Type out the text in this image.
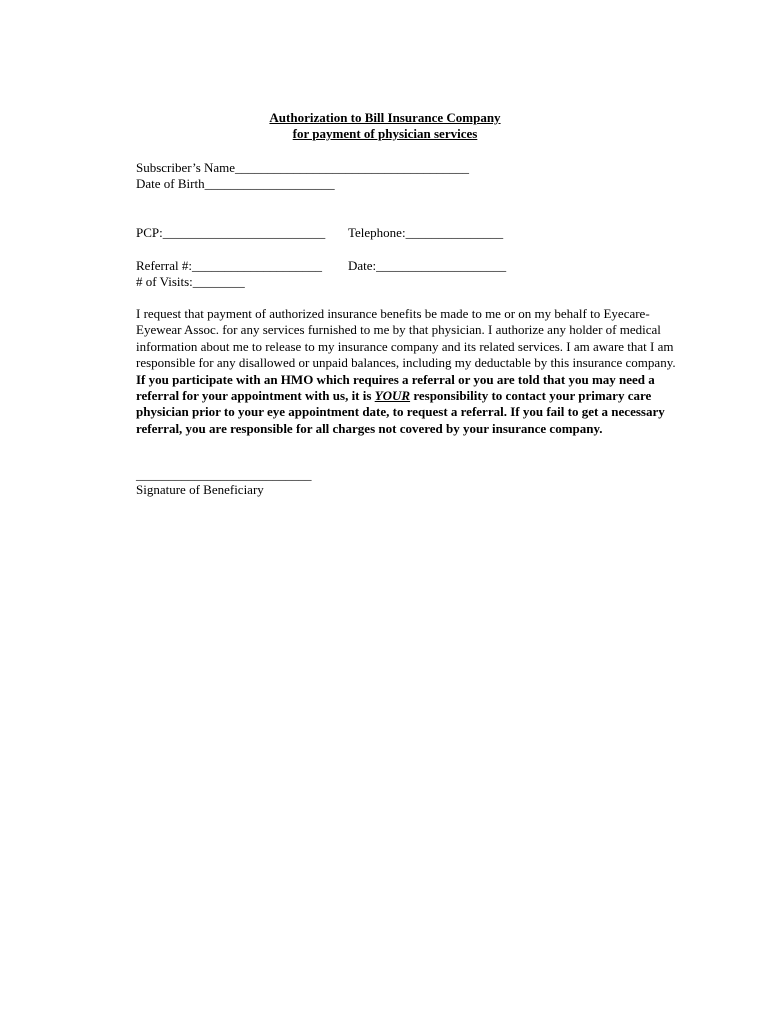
Authorization to Bill Insurance Company
for payment of physician services
Subscriber’s Name____________________________________
Date of Birth____________________
PCP:_________________________ Telephone:_______________
Referral #:____________________ Date:____________________
# of Visits:________
I request that payment of authorized insurance benefits be made to me or on my behalf to Eyecare-Eyewear Assoc. for any services furnished to me by that physician. I authorize any holder of medical information about me to release to my insurance company and its related services. I am aware that I am responsible for any disallowed or unpaid balances, including my deductable by this insurance company. If you participate with an HMO which requires a referral or you are told that you may need a referral for your appointment with us, it is YOUR responsibility to contact your primary care physician prior to your eye appointment date, to request a referral. If you fail to get a necessary referral, you are responsible for all charges not covered by your insurance company.
___________________________
Signature of Beneficiary
